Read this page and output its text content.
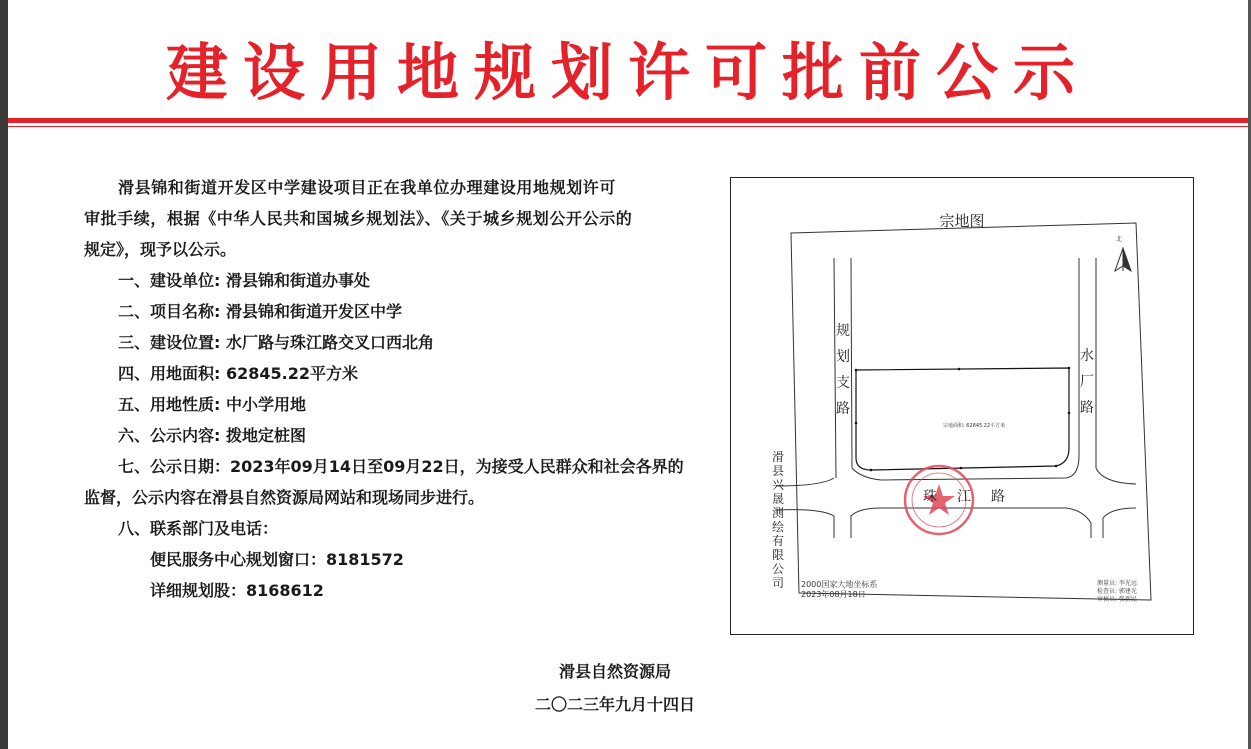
建设用地规划许可批前公示
滑县锦和街道开发区中学建设项目正在我单位办理建设用地规划许可
审批手续，根据《中华人民共和国城乡规划法》、《关于城乡规划公开公示的
规定》，现予以公示。
一、建设单位: 滑县锦和街道办事处
二、项目名称: 滑县锦和街道开发区中学
三、建设位置: 水厂路与珠江路交叉口西北角
四、用地面积: 62845.22平方米
五、用地性质: 中小学用地
六、公示内容: 拨地定桩图
七、公示日期：2023年09月14日至09月22日，为接受人民群众和社会各界的
监督，公示内容在滑县自然资源局网站和现场同步进行。
八、联系部门及电话：
便民服务中心规划窗口：8181572
详细规划股：8168612
滑县自然资源局
二〇二三年九月十四日
宗地图
北
规划支路
水厂路
珠江路
滑县兴晟测绘有限公司
宗地面积: 62845.22平方米
2000国家大地坐标系
2023年08月18日
测量员: 李光远
检查员: 郭建光
审核员: 张新民
